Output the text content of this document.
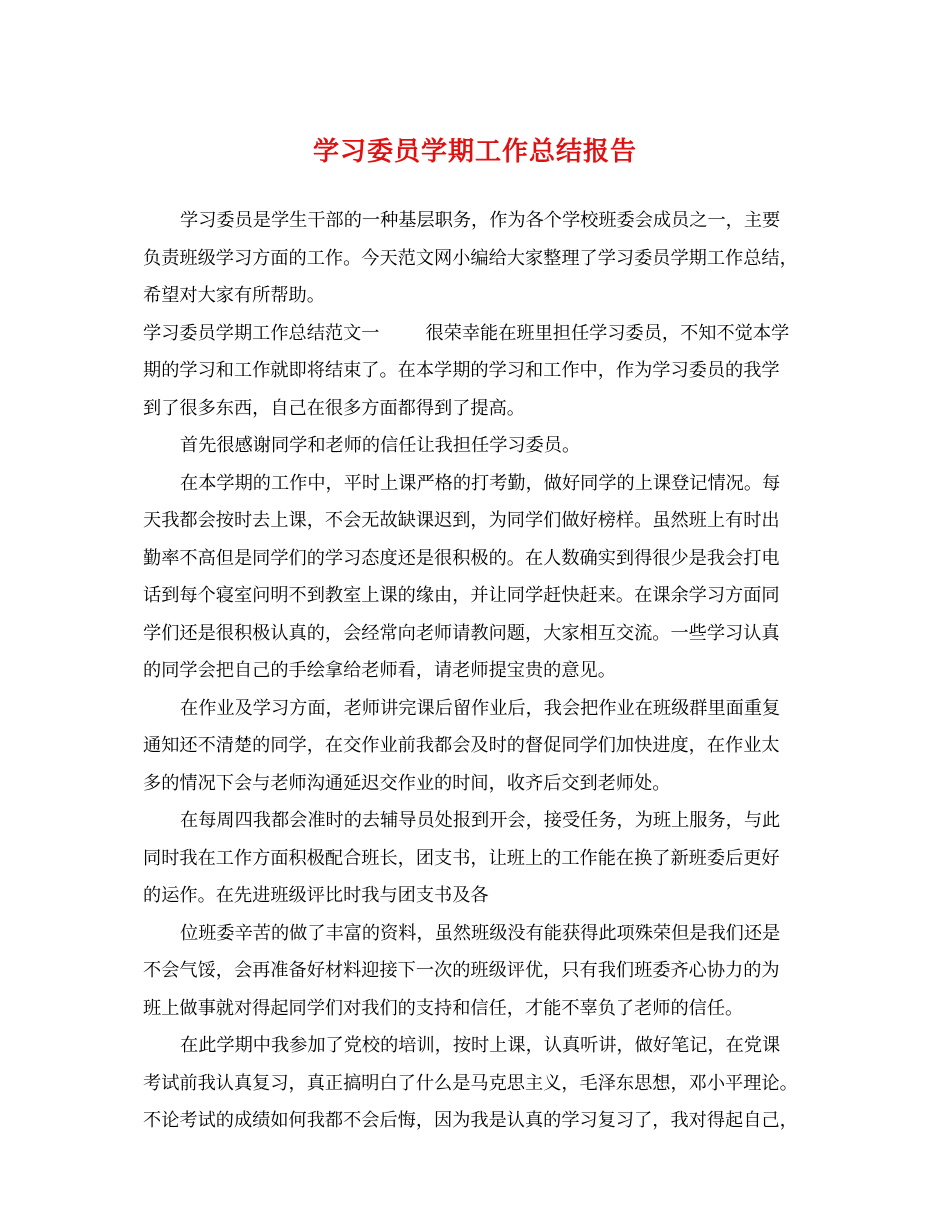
学习委员学期工作总结报告
学习委员是学生干部的一种基层职务，作为各个学校班委会成员之一，主要
负责班级学习方面的工作。今天范文网小编给大家整理了学习委员学期工作总结，
希望对大家有所帮助。
学习委员学期工作总结范文一	很荣幸能在班里担任学习委员，不知不觉本学
期的学习和工作就即将结束了。在本学期的学习和工作中，作为学习委员的我学
到了很多东西，自己在很多方面都得到了提高。
首先很感谢同学和老师的信任让我担任学习委员。
在本学期的工作中，平时上课严格的打考勤，做好同学的上课登记情况。每
天我都会按时去上课，不会无故缺课迟到，为同学们做好榜样。虽然班上有时出
勤率不高但是同学们的学习态度还是很积极的。在人数确实到得很少是我会打电
话到每个寝室问明不到教室上课的缘由，并让同学赶快赶来。在课余学习方面同
学们还是很积极认真的，会经常向老师请教问题，大家相互交流。一些学习认真
的同学会把自己的手绘拿给老师看，请老师提宝贵的意见。
在作业及学习方面，老师讲完课后留作业后，我会把作业在班级群里面重复
通知还不清楚的同学，在交作业前我都会及时的督促同学们加快进度，在作业太
多的情况下会与老师沟通延迟交作业的时间，收齐后交到老师处。
在每周四我都会准时的去辅导员处报到开会，接受任务，为班上服务，与此
同时我在工作方面积极配合班长，团支书，让班上的工作能在换了新班委后更好
的运作。在先进班级评比时我与团支书及各
位班委辛苦的做了丰富的资料，虽然班级没有能获得此项殊荣但是我们还是
不会气馁，会再准备好材料迎接下一次的班级评优，只有我们班委齐心协力的为
班上做事就对得起同学们对我们的支持和信任，才能不辜负了老师的信任。
在此学期中我参加了党校的培训，按时上课，认真听讲，做好笔记，在党课
考试前我认真复习，真正搞明白了什么是马克思主义，毛泽东思想，邓小平理论。
不论考试的成绩如何我都不会后悔，因为我是认真的学习复习了，我对得起自己，
